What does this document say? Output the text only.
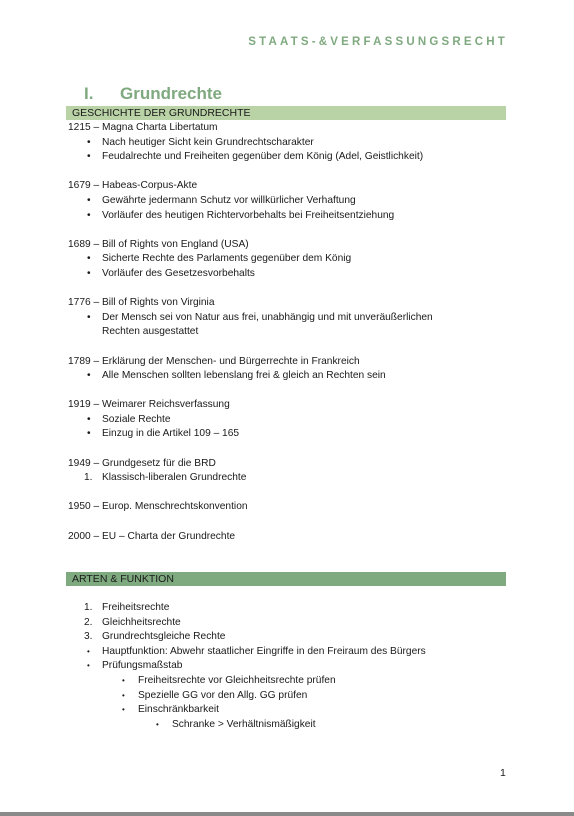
STAATS-&VERFASSUNGSRECHT
I. Grundrechte
GESCHICHTE DER GRUNDRECHTE

1215 – Magna Charta Libertatum

• Nach heutiger Sicht kein Grundrechtscharakter
• Feudalrechte und Freiheiten gegenüber dem König (Adel, Geistlichkeit)

1679 – Habeas-Corpus-Akte

• Gewährte jedermann Schutz vor willkürlicher Verhaftung
• Vorläufer des heutigen Richtervorbehalts bei Freiheitsentziehung

1689 – Bill of Rights von England (USA)

• Sicherte Rechte des Parlaments gegenüber dem König
• Vorläufer des Gesetzesvorbehalts

1776 – Bill of Rights von Virginia

• Der Mensch sei von Natur aus frei, unabhängig und mit unveräußerlichen Rechten ausgestattet

1789 – Erklärung der Menschen- und Bürgerrechte in Frankreich

• Alle Menschen sollten lebenslang frei & gleich an Rechten sein

1919 – Weimarer Reichsverfassung

• Soziale Rechte
• Einzug in die Artikel 109 – 165

1949 – Grundgesetz für die BRD

1. Klassisch-liberalen Grundrechte

1950 – Europ. Menschrechtskonvention

2000 – EU – Charta der Grundrechte

ARTEN & FUNKTION
1. Freiheitsrechte
2. Gleichheitsrechte
3. Grundrechtsgleiche Rechte
• Hauptfunktion: Abwehr staatlicher Eingriffe in den Freiraum des Bürgers
• Prüfungsmaßstab
• Freiheitsrechte vor Gleichheitsrechte prüfen
• Spezielle GG vor den Allg. GG prüfen
• Einschränkbarkeit
• Schranke > Verhältnismäßigkeit
1
